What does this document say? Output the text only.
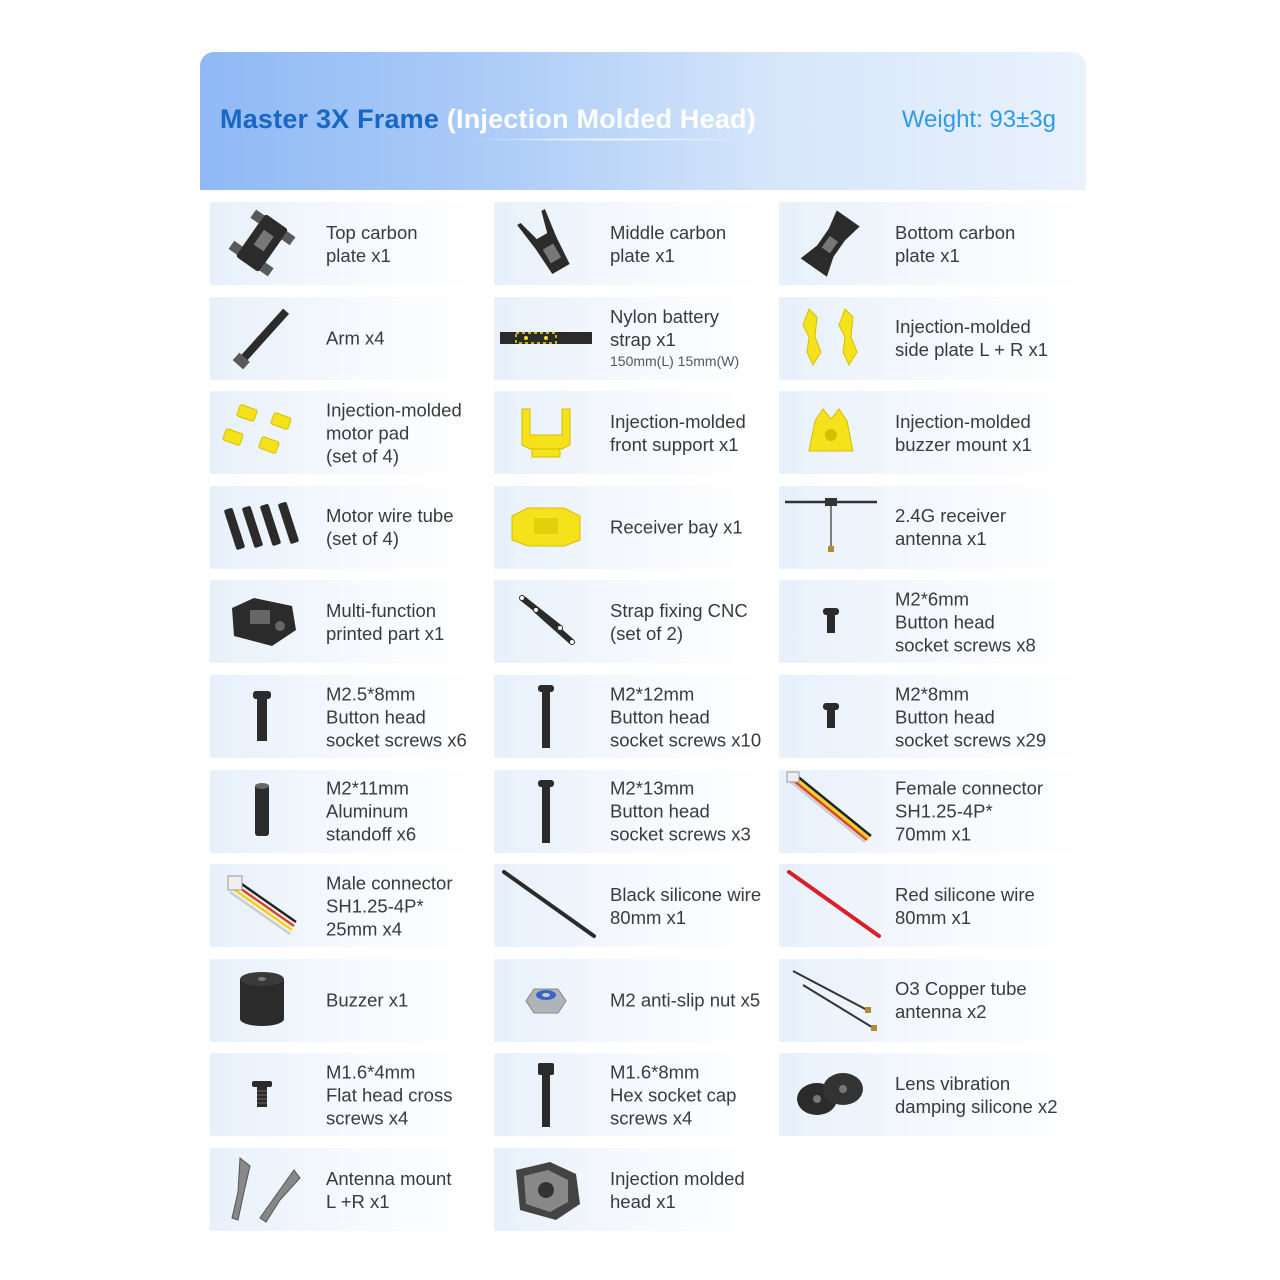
Master 3X Frame (Injection Molded Head)	Weight: 93±3g
Top carbon
plate x1
Middle carbon
plate x1
Bottom carbon
plate x1
Arm x4
Nylon battery
strap x1
150mm(L) 15mm(W)
Injection-molded
side plate L + R x1
Injection-molded
motor pad
(set of 4)
Injection-molded
front support x1
Injection-molded
buzzer mount x1
Motor wire tube
(set of 4)
Receiver bay x1
2.4G receiver
antenna x1
Multi-function
printed part x1
Strap fixing CNC
(set of 2)
M2*6mm
Button head
socket screws x8
M2.5*8mm
Button head
socket screws x6
M2*12mm
Button head
socket screws x10
M2*8mm
Button head
socket screws x29
M2*11mm
Aluminum
standoff x6
M2*13mm
Button head
socket screws x3
Female connector
SH1.25-4P*
70mm x1
Male connector
SH1.25-4P*
25mm x4
Black silicone wire
80mm x1
Red silicone wire
80mm x1
Buzzer x1	M2 anti-slip nut x5
O3 Copper tube
antenna x2
M1.6*4mm
Flat head cross
screws x4
M1.6*8mm
Hex socket cap
screws x4
Lens vibration
damping silicone x2
Antenna mount
L +R x1
Injection molded
head x1
